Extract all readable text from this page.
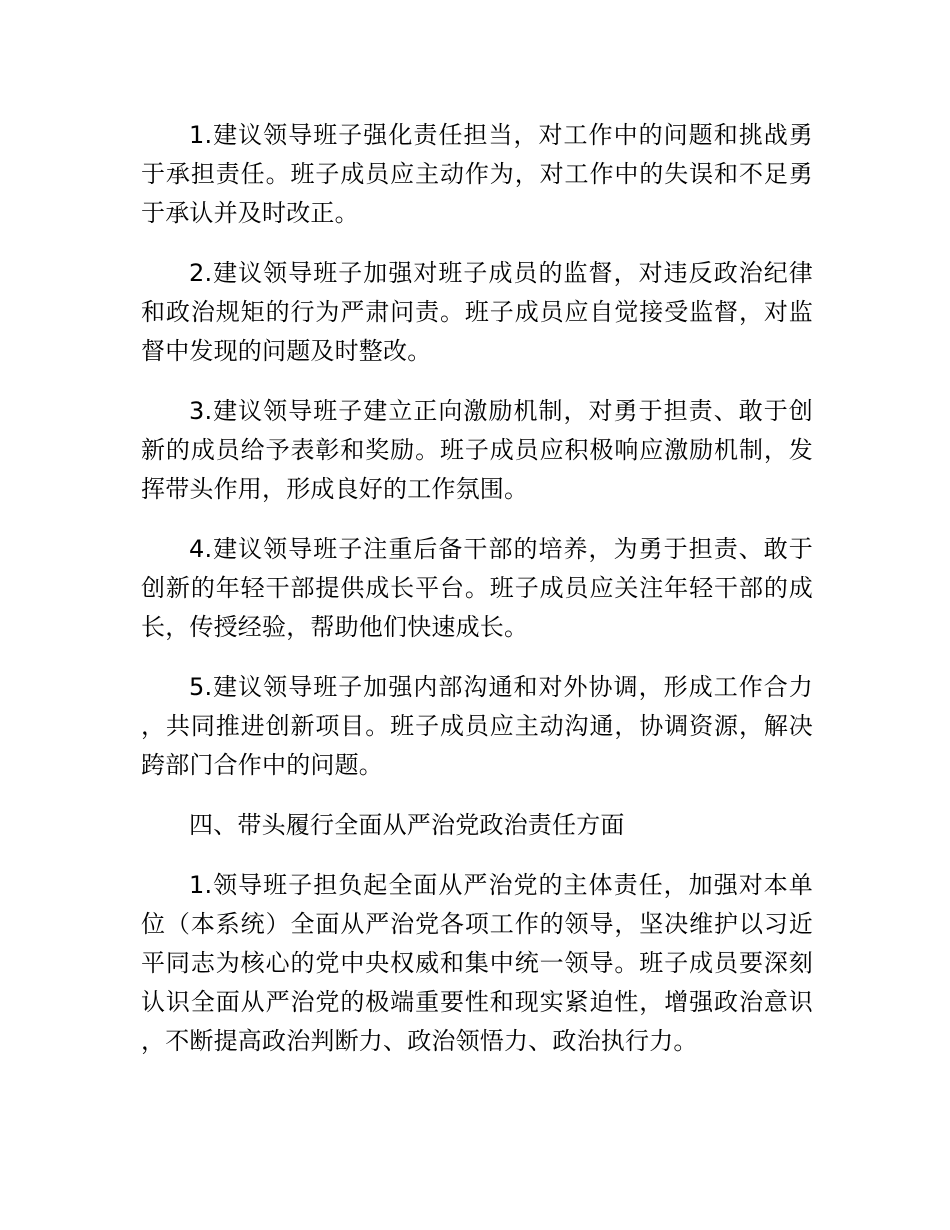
1.建议领导班子强化责任担当，对工作中的问题和挑战勇于承担责任。班子成员应主动作为，对工作中的失误和不足勇于承认并及时改正。

2.建议领导班子加强对班子成员的监督，对违反政治纪律和政治规矩的行为严肃问责。班子成员应自觉接受监督，对监督中发现的问题及时整改。

3.建议领导班子建立正向激励机制，对勇于担责、敢于创新的成员给予表彰和奖励。班子成员应积极响应激励机制，发挥带头作用，形成良好的工作氛围。

4.建议领导班子注重后备干部的培养，为勇于担责、敢于创新的年轻干部提供成长平台。班子成员应关注年轻干部的成长，传授经验，帮助他们快速成长。

5.建议领导班子加强内部沟通和对外协调，形成工作合力，共同推进创新项目。班子成员应主动沟通，协调资源，解决跨部门合作中的问题。

四、带头履行全面从严治党政治责任方面

1.领导班子担负起全面从严治党的主体责任，加强对本单位（本系统）全面从严治党各项工作的领导，坚决维护以习近平同志为核心的党中央权威和集中统一领导。班子成员要深刻认识全面从严治党的极端重要性和现实紧迫性，增强政治意识，不断提高政治判断力、政治领悟力、政治执行力。
